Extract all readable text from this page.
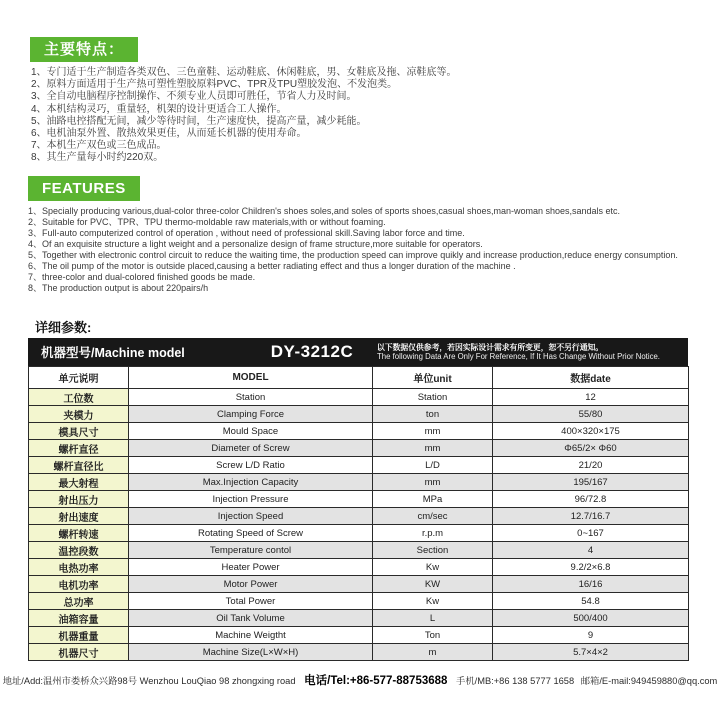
主要特点：
1、专门适于生产制造各类双色、三色童鞋、运动鞋底、休闲鞋底，男、女鞋底及拖、凉鞋底等。
2、原料方面适用于生产热可塑性塑胶原料PVC、TPR及TPU塑胶发泡、不发泡类。
3、全自动电脑程序控制操作、不须专业人员即可胜任，节省人力及时间。
4、本机结构灵巧，重量轻，机架的设计更适合工人操作。
5、油路电控搭配无间，减少等待时间，生产速度快，提高产量，减少耗能。
6、电机油泵外置、散热效果更佳，从而延长机器的使用寿命。
7、本机生产双色或三色成品。
8、其生产量每小时约220双。
FEATURES
1、Specially producing various,dual-color three-color Children's shoes soles,and soles of sports shoes,casual shoes,man-woman shoes,sandals etc.
2、Suitable for PVC、TPR、TPU thermo-moldable raw materials,with or without foaming.
3、Full-auto computerized control of operation , without need of professional skill.Saving labor force and time.
4、Of an exquisite structure a light weight and a personalize design of frame structure,more suitable for operators.
5、Together with electronic control circuit to reduce the waiting time, the production speed can improve quikly and increase production,reduce energy consumption.
6、The oil pump of the motor is outside placed,causing a better radiating effect and thus a longer duration of the machine .
7、three-color and dual-colored finished goods be made.
8、The production output is about 220pairs/h
详细参数:
机器型号/Machine model	DY-3212C	以下数据仅供参考，若因实际设计需求有所变更，恕不另行通知。
The following Data Are Only For Reference, If It Has Change Without Prior Notice.
单元说明	MODEL	单位unit	数据date
工位数	Station	Station	12
夹模力	Clamping Force	ton	55/80
模具尺寸	Mould Space	mm	400×320×175
螺杆直径	Diameter of Screw	mm	Φ65/2× Φ60
螺杆直径比	Screw L/D Ratio	L/D	21/20
最大射程	Max.Injection Capacity	mm	195/167
射出压力	Injection Pressure	MPa	96/72.8
射出速度	Injection Speed	cm/sec	12.7/16.7
螺杆转速	Rotating Speed of Screw	r.p.m	0~167
温控段数	Temperature contol	Section	4
电热功率	Heater Power	Kw	9.2/2×6.8
电机功率	Motor Power	KW	16/16
总功率	Total Power	Kw	54.8
油箱容量	Oil Tank Volume	L	500/400
机器重量	Machine Weigtht	Ton	9
机器尺寸	Machine Size(L×W×H)	m	5.7×4×2
地址/Add:温州市娄桥众兴路98号 Wenzhou LouQiao 98 zhongxing road 电话/Tel:+86-577-88753688 手机/MB:+86 138 5777 1658 邮箱/E-mail:949459880@qq.com
